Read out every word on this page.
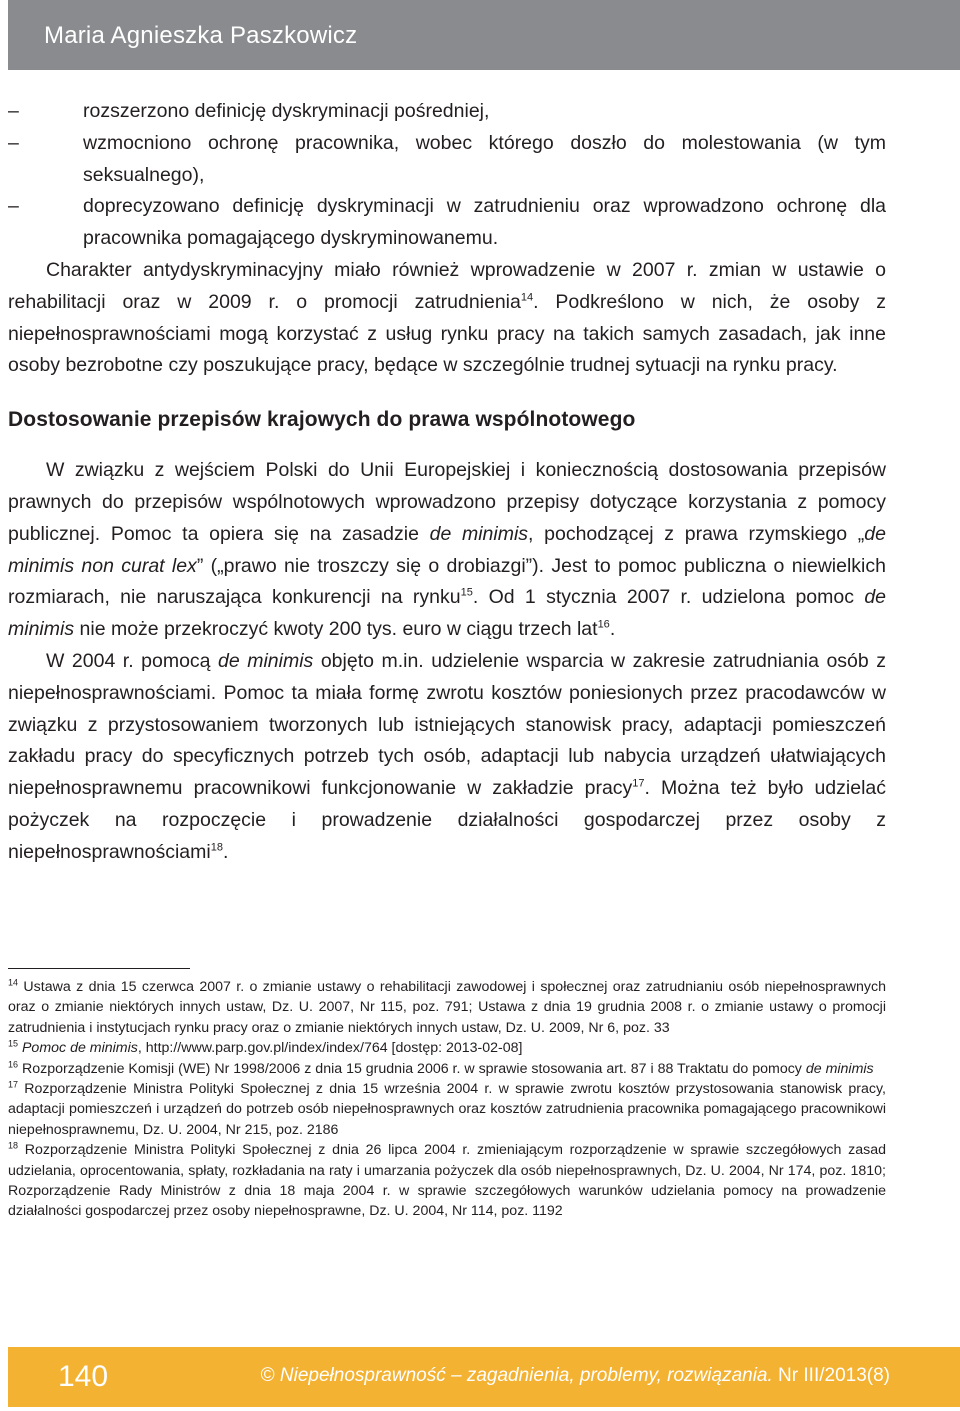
Maria Agnieszka Paszkowicz
–	rozszerzono definicję dyskryminacji pośredniej,
–	wzmocniono ochronę pracownika, wobec którego doszło do molestowania (w tym seksualnego),
–	doprecyzowano definicję dyskryminacji w zatrudnieniu oraz wprowadzono ochronę dla pracownika pomagającego dyskryminowanemu.

Charakter antydyskryminacyjny miało również wprowadzenie w 2007 r. zmian w ustawie o rehabilitacji oraz w 2009 r. o promocji zatrudnienia$^{14}$. Podkreślono w nich, że osoby z niepełnosprawnościami mogą korzystać z usług rynku pracy na takich samych zasadach, jak inne osoby bezrobotne czy poszukujące pracy, będące w szczególnie trudnej sytuacji na rynku pracy.

Dostosowanie przepisów krajowych do prawa wspólnotowego

W związku z wejściem Polski do Unii Europejskiej i koniecznością dostosowania przepisów prawnych do przepisów wspólnotowych wprowadzono przepisy dotyczące korzystania z pomocy publicznej. Pomoc ta opiera się na zasadzie de minimis, pochodzącej z prawa rzymskiego „de minimis non curat lex” („prawo nie troszczy się o drobiazgi”). Jest to pomoc publiczna o niewielkich rozmiarach, nie naruszająca konkurencji na rynku$^{15}$. Od 1 stycznia 2007 r. udzielona pomoc de minimis nie może przekroczyć kwoty 200 tys. euro w ciągu trzech lat$^{16}$.

W 2004 r. pomocą de minimis objęto m.in. udzielenie wsparcia w zakresie zatrudniania osób z niepełnosprawnościami. Pomoc ta miała formę zwrotu kosztów poniesionych przez pracodawców w związku z przystosowaniem tworzonych lub istniejących stanowisk pracy, adaptacji pomieszczeń zakładu pracy do specyficznych potrzeb tych osób, adaptacji lub nabycia urządzeń ułatwiających niepełnosprawnemu pracownikowi funkcjonowanie w zakładzie pracy$^{17}$. Można też było udzielać pożyczek na rozpoczęcie i prowadzenie działalności gospodarczej przez osoby z niepełnosprawnościami$^{18}$.

$^{14}$ Ustawa z dnia 15 czerwca 2007 r. o zmianie ustawy o rehabilitacji zawodowej i społecznej oraz zatrudnianiu osób niepełnosprawnych oraz o zmianie niektórych innych ustaw, Dz. U. 2007, Nr 115, poz. 791; Ustawa z dnia 19 grudnia 2008 r. o zmianie ustawy o promocji zatrudnienia i instytucjach rynku pracy oraz o zmianie niektórych innych ustaw, Dz. U. 2009, Nr 6, poz. 33

$^{15}$ Pomoc de minimis, http://www.parp.gov.pl/index/index/764 [dostęp: 2013-02-08]

$^{16}$ Rozporządzenie Komisji (WE) Nr 1998/2006 z dnia 15 grudnia 2006 r. w sprawie stosowania art. 87 i 88 Traktatu do pomocy de minimis

$^{17}$ Rozporządzenie Ministra Polityki Społecznej z dnia 15 września 2004 r. w sprawie zwrotu kosztów przystosowania stanowisk pracy, adaptacji pomieszczeń i urządzeń do potrzeb osób niepełnosprawnych oraz kosztów zatrudnienia pracownika pomagającego pracownikowi niepełnosprawnemu, Dz. U. 2004, Nr 215, poz. 2186

$^{18}$ Rozporządzenie Ministra Polityki Społecznej z dnia 26 lipca 2004 r. zmieniającym rozporządzenie w sprawie szczegółowych zasad udzielania, oprocentowania, spłaty, rozkładania na raty i umarzania pożyczek dla osób niepełnosprawnych, Dz. U. 2004, Nr 174, poz. 1810; Rozporządzenie Rady Ministrów z dnia 18 maja 2004 r. w sprawie szczegółowych warunków udzielania pomocy na prowadzenie działalności gospodarczej przez osoby niepełnosprawne, Dz. U. 2004, Nr 114, poz. 1192

140	© Niepełnosprawność – zagadnienia, problemy, rozwiązania. Nr III/2013(8)
